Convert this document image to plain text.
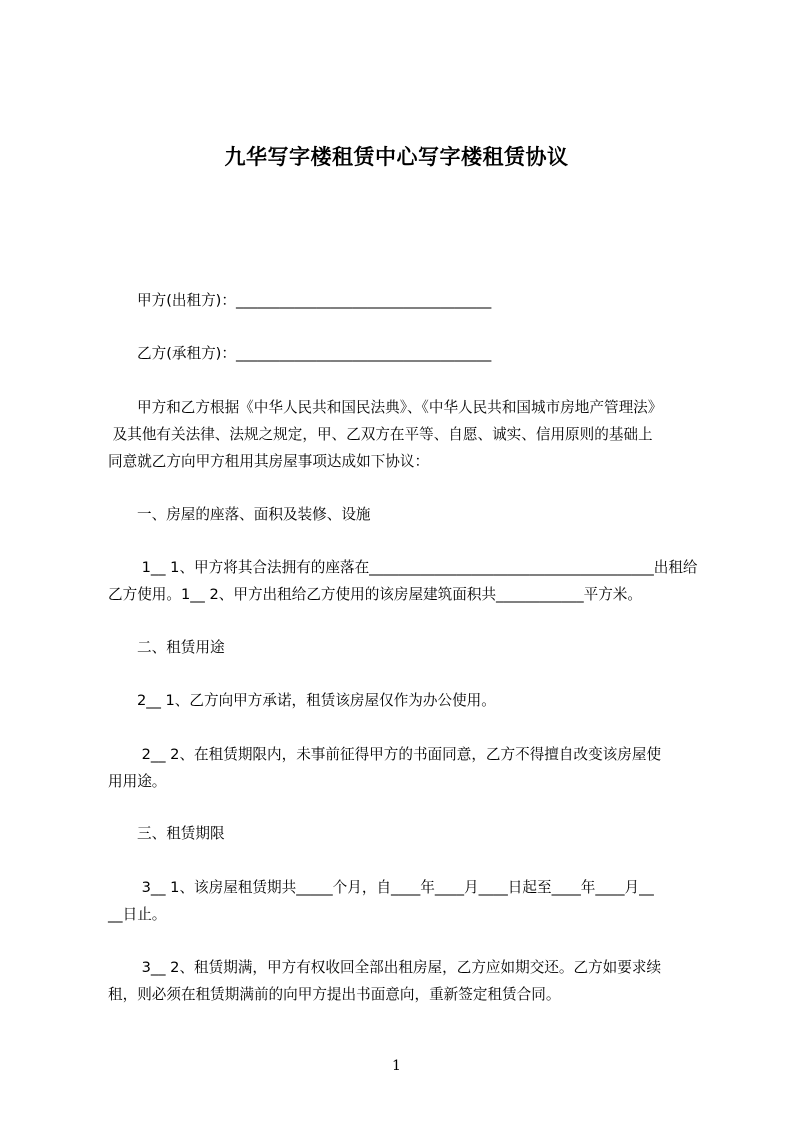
九华写字楼租赁中心写字楼租赁协议
甲方(出租方)：___________________________________
乙方(承租方)：___________________________________
甲方和乙方根据《中华人民共和国民法典》、《中华人民共和国城市房地产管理法》
及其他有关法律、法规之规定，甲、乙双方在平等、自愿、诚实、信用原则的基础上
同意就乙方向甲方租用其房屋事项达成如下协议：
一、房屋的座落、面积及装修、设施
1__ 1、甲方将其合法拥有的座落在_______________________________________出租给
乙方使用。1__ 2、甲方出租给乙方使用的该房屋建筑面积共____________平方米。
二、租赁用途
2__ 1、乙方向甲方承诺，租赁该房屋仅作为办公使用。
2__ 2、在租赁期限内，未事前征得甲方的书面同意，乙方不得擅自改变该房屋使
用用途。
三、租赁期限
3__ 1、该房屋租赁期共_____个月，自____年____月____日起至____年____月__
__日止。
3__ 2、租赁期满，甲方有权收回全部出租房屋，乙方应如期交还。乙方如要求续
租，则必须在租赁期满前的向甲方提出书面意向，重新签定租赁合同。
1
